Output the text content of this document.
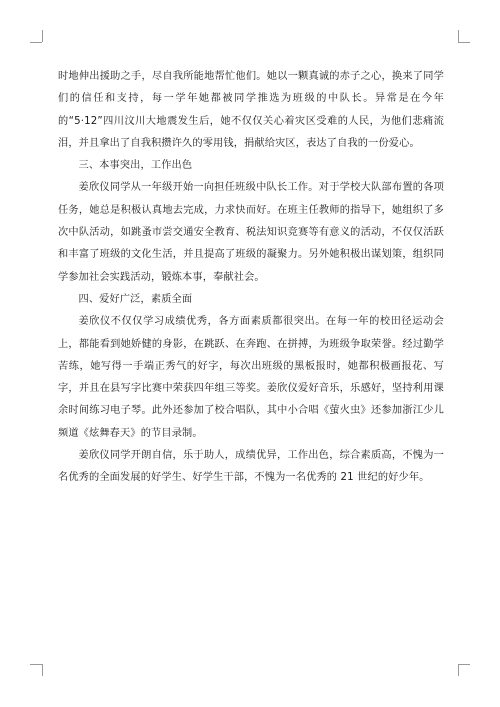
时地伸出援助之手，尽自我所能地帮忙他们。她以一颗真诚的赤子之心，换来了同学们的信任和支持，每一学年她都被同学推选为班级的中队长。异常是在今年的“5·12”四川汶川大地震发生后，她不仅仅关心着灾区受难的人民，为他们悲痛流泪，并且拿出了自我积攒许久的零用钱，捐献给灾区，表达了自我的一份爱心。

三、本事突出，工作出色

姜欣仪同学从一年级开始一向担任班级中队长工作。对于学校大队部布置的各项任务，她总是积极认真地去完成，力求快而好。在班主任教师的指导下，她组织了多次中队活动，如跳蚤市尝交通安全教育、税法知识竞赛等有意义的活动，不仅仅活跃和丰富了班级的文化生活，并且提高了班级的凝聚力。另外她积极出谋划策，组织同学参加社会实践活动，锻炼本事，奉献社会。

四、爱好广泛，素质全面

姜欣仪不仅仅学习成绩优秀，各方面素质都很突出。在每一年的校田径运动会上，都能看到她娇健的身影，在跳跃、在奔跑、在拼搏，为班级争取荣誉。经过勤学苦练，她写得一手端正秀气的好字，每次出班级的黑板报时，她都积极画报花、写字，并且在县写字比赛中荣获四年组三等奖。姜欣仪爱好音乐，乐感好，坚持利用课余时间练习电子琴。此外还参加了校合唱队，其中小合唱《萤火虫》还参加浙江少儿频道《炫舞春天》的节目录制。

姜欣仪同学开朗自信，乐于助人，成绩优异，工作出色，综合素质高，不愧为一名优秀的全面发展的好学生、好学生干部，不愧为一名优秀的 21 世纪的好少年。
